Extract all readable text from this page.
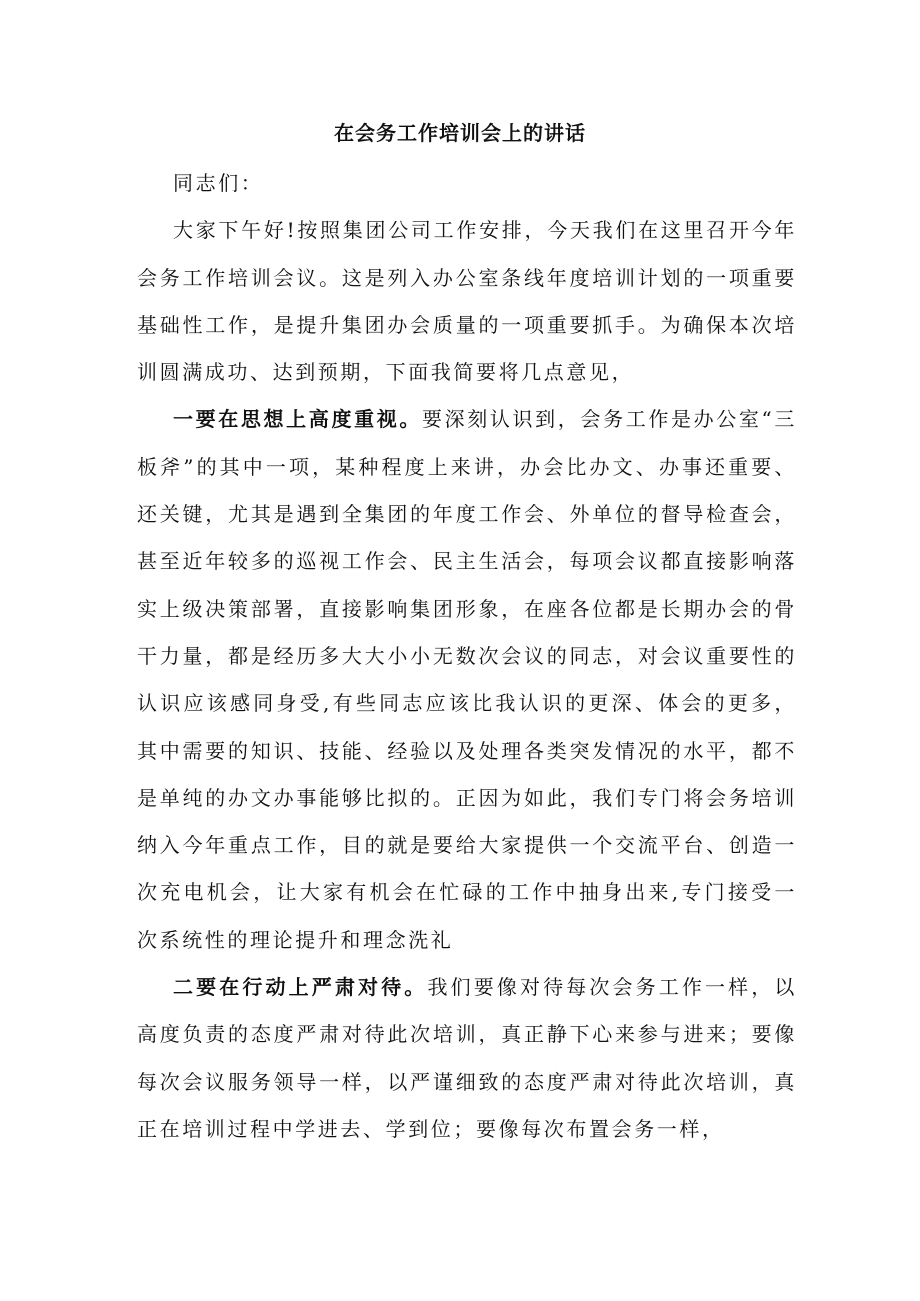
在会务工作培训会上的讲话

同志们：

大家下午好!按照集团公司工作安排，今天我们在这里召开今年会务工作培训会议。这是列入办公室条线年度培训计划的一项重要基础性工作，是提升集团办会质量的一项重要抓手。为确保本次培训圆满成功、达到预期，下面我简要将几点意见，

一要在思想上高度重视。要深刻认识到，会务工作是办公室“三板斧”的其中一项，某种程度上来讲，办会比办文、办事还重要、还关键，尤其是遇到全集团的年度工作会、外单位的督导检查会，甚至近年较多的巡视工作会、民主生活会，每项会议都直接影响落实上级决策部署，直接影响集团形象，在座各位都是长期办会的骨干力量，都是经历多大大小小无数次会议的同志，对会议重要性的认识应该感同身受,有些同志应该比我认识的更深、体会的更多，其中需要的知识、技能、经验以及处理各类突发情况的水平，都不是单纯的办文办事能够比拟的。正因为如此，我们专门将会务培训纳入今年重点工作，目的就是要给大家提供一个交流平台、创造一次充电机会，让大家有机会在忙碌的工作中抽身出来,专门接受一次系统性的理论提升和理念洗礼

二要在行动上严肃对待。我们要像对待每次会务工作一样，以高度负责的态度严肃对待此次培训，真正静下心来参与进来；要像每次会议服务领导一样，以严谨细致的态度严肃对待此次培训，真正在培训过程中学进去、学到位；要像每次布置会务一样，
